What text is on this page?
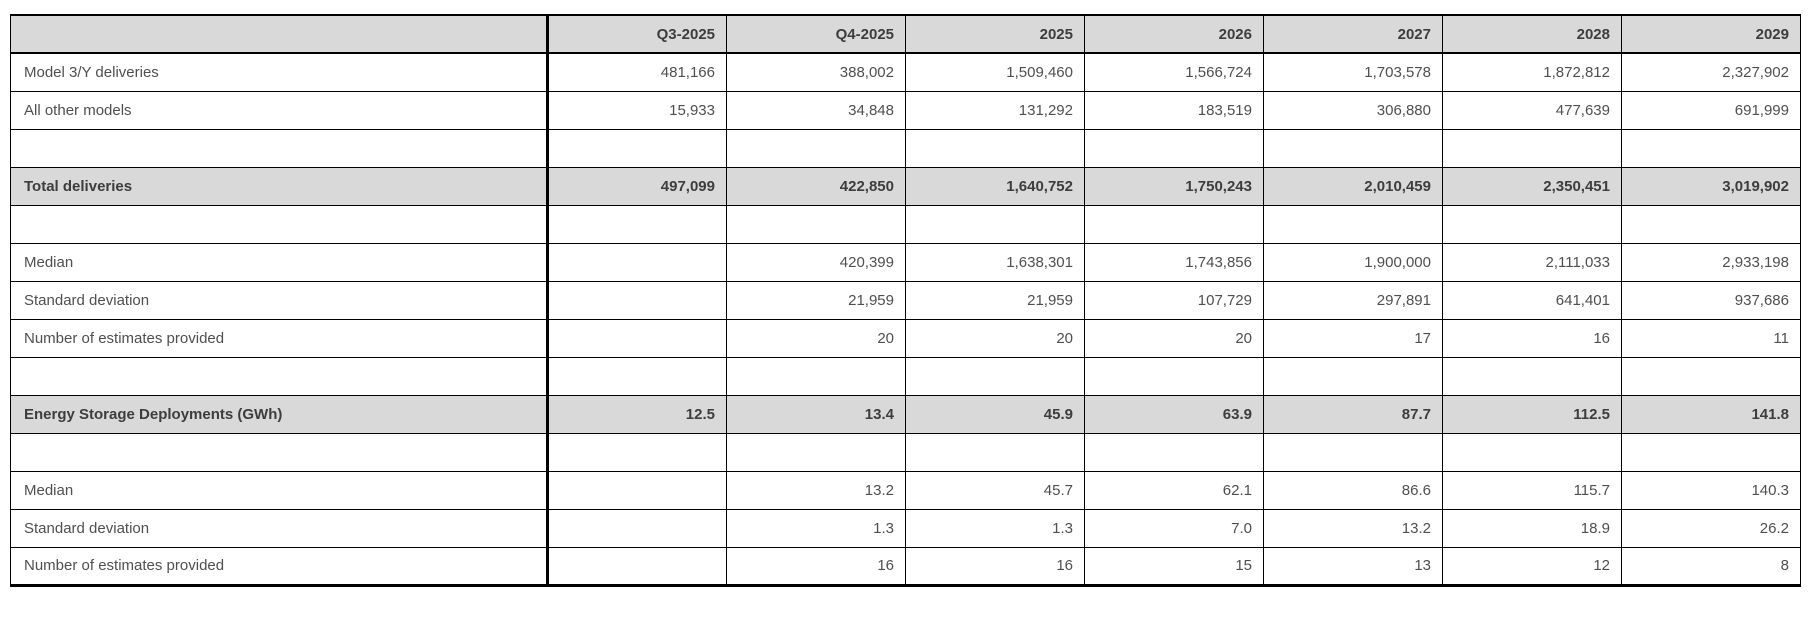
	Q3-2025	Q4-2025	2025	2026	2027	2028	2029
Model 3/Y deliveries	481,166	388,002	1,509,460	1,566,724	1,703,578	1,872,812	2,327,902
All other models	15,933	34,848	131,292	183,519	306,880	477,639	691,999

Total deliveries	497,099	422,850	1,640,752	1,750,243	2,010,459	2,350,451	3,019,902

Median		420,399	1,638,301	1,743,856	1,900,000	2,111,033	2,933,198
Standard deviation		21,959	21,959	107,729	297,891	641,401	937,686
Number of estimates provided		20	20	20	17	16	11

Energy Storage Deployments (GWh)	12.5	13.4	45.9	63.9	87.7	112.5	141.8

Median		13.2	45.7	62.1	86.6	115.7	140.3
Standard deviation		1.3	1.3	7.0	13.2	18.9	26.2
Number of estimates provided		16	16	15	13	12	8
